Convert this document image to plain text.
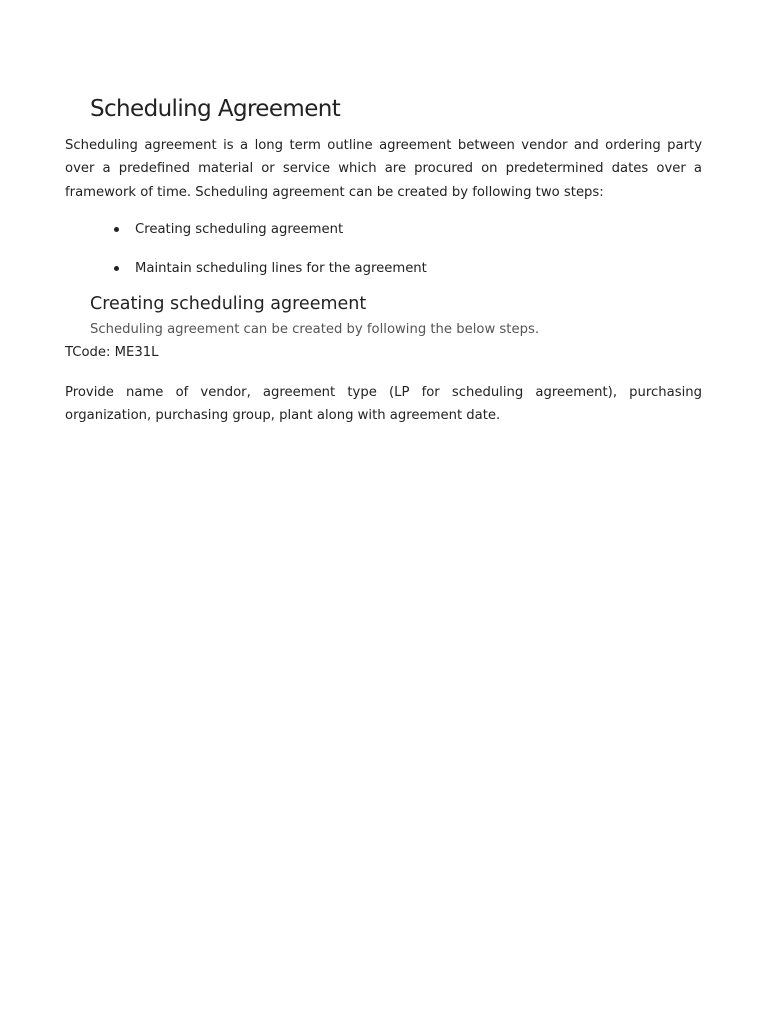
Scheduling Agreement

Scheduling agreement is a long term outline agreement between vendor and ordering party over a predefined material or service which are procured on predetermined dates over a framework of time. Scheduling agreement can be created by following two steps:

Creating scheduling agreement
Maintain scheduling lines for the agreement
Creating scheduling agreement

Scheduling agreement can be created by following the below steps.

TCode: ME31L

Provide name of vendor, agreement type (LP for scheduling agreement), purchasing organization, purchasing group, plant along with agreement date.
